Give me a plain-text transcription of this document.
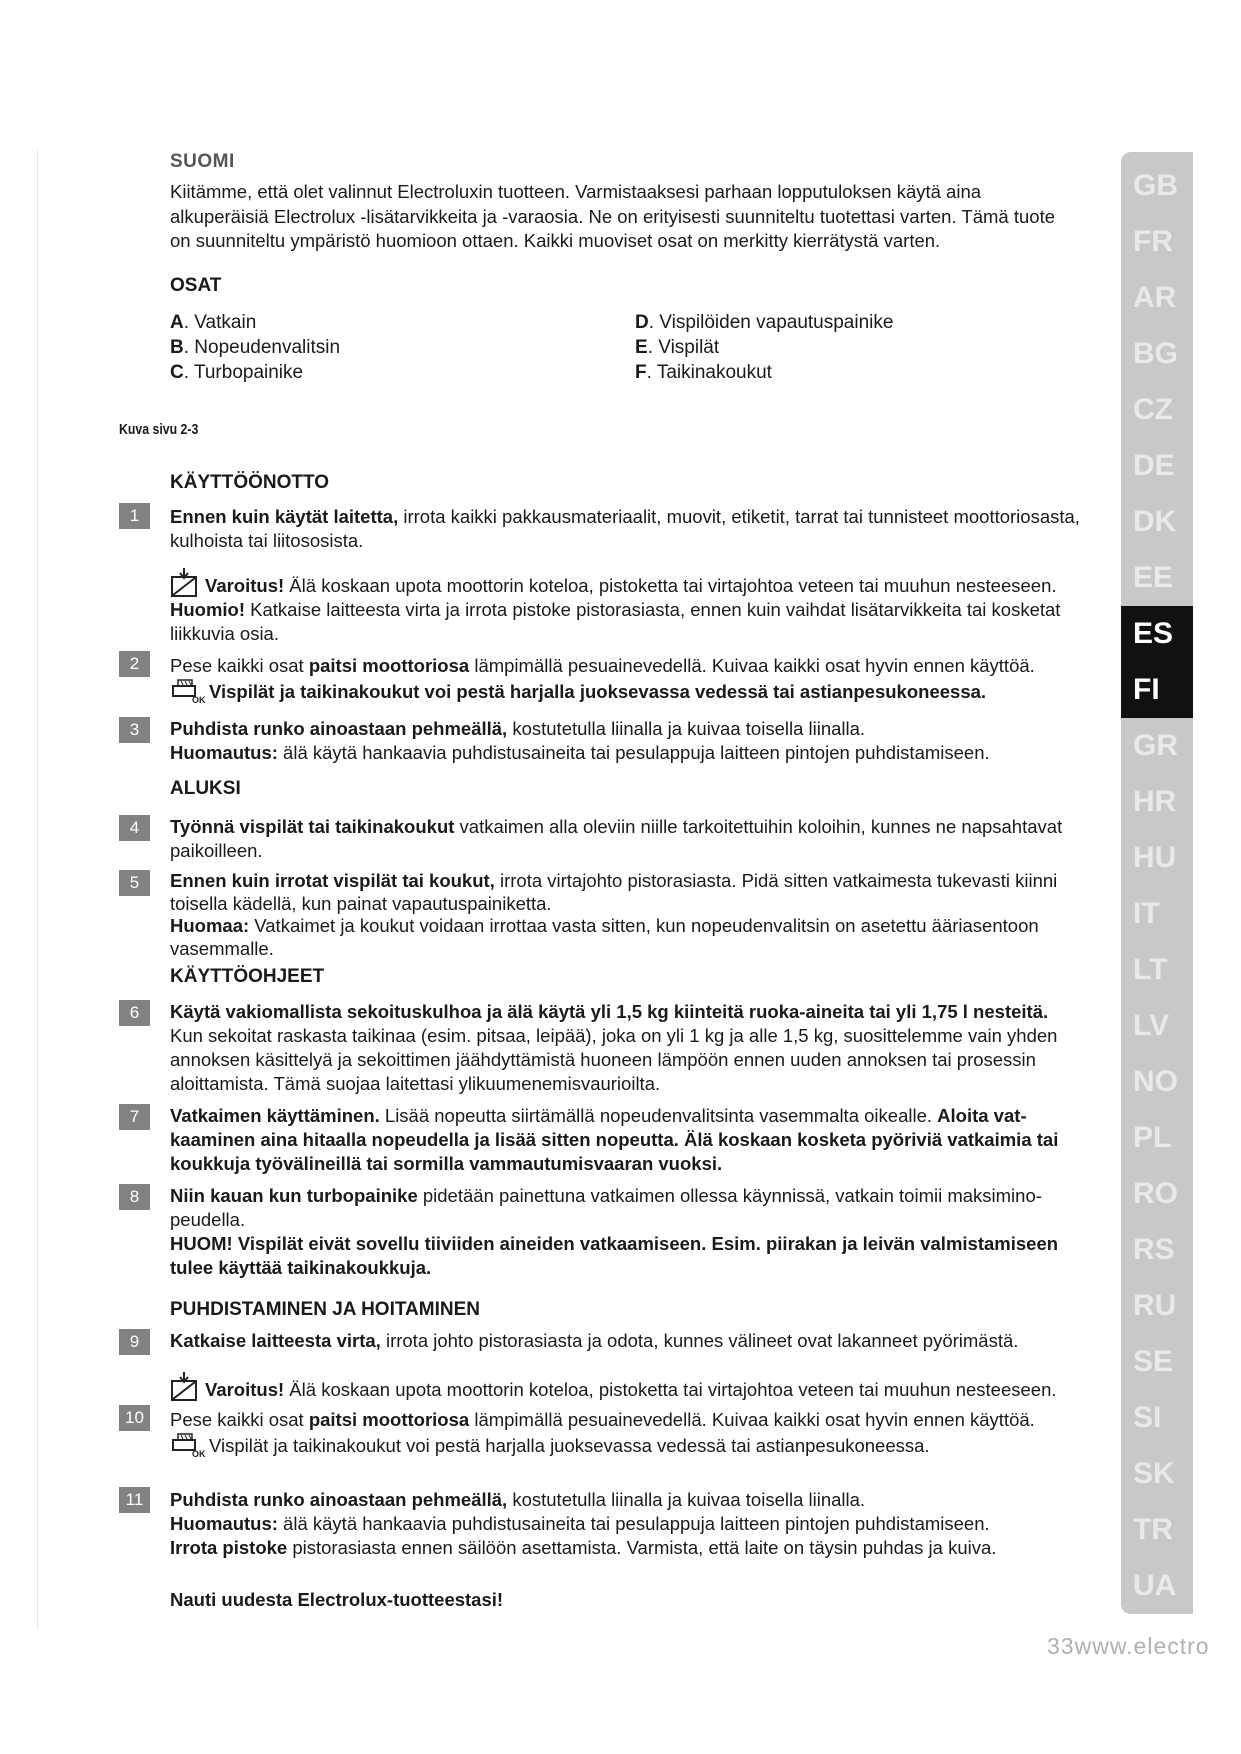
SUOMI
Kiitämme, että olet valinnut Electroluxin tuotteen. Varmistaaksesi parhaan lopputuloksen käytä aina alkuperäisiä Electrolux -lisätarvikkeita ja -varaosia. Ne on erityisesti suunniteltu tuotettasi varten. Tämä tuote on suunniteltu ympäristö huomioon ottaen. Kaikki muoviset osat on merkitty kierrätystä varten.
OSAT
A. Vatkain
B. Nopeudenvalitsin
C. Turbopainike
D. Vispilöiden vapautuspainike
E. Vispilät
F. Taikinakoukut
Kuva sivu 2-3
KÄYTTÖÖNOTTO
1	Ennen kuin käytät laitetta, irrota kaikki pakkausmateriaalit, muovit, etiketit, tarrat tai tunnisteet moottoriosasta, kulhoista tai liitososista.
Varoitus! Älä koskaan upota moottorin koteloa, pistoketta tai virtajohtoa veteen tai muuhun nesteeseen.
Huomio! Katkaise laitteesta virta ja irrota pistoke pistorasiasta, ennen kuin vaihdat lisätarvikkeita tai kosketat liikkuvia osia.
2	Pese kaikki osat paitsi moottoriosa lämpimällä pesuainevedellä. Kuivaa kaikki osat hyvin ennen käyttöä.

OK Vispilät ja taikinakoukut voi pestä harjalla juoksevassa vedessä tai astianpesukoneessa.
3	Puhdista runko ainoastaan pehmeällä, kostutetulla liinalla ja kuivaa toisella liinalla.
Huomautus: älä käytä hankaavia puhdistusaineita tai pesulappuja laitteen pintojen puhdistamiseen.
ALUKSI
4	Työnnä vispilät tai taikinakoukut vatkaimen alla oleviin niille tarkoitettuihin koloihin, kunnes ne napsahtavat paikoilleen.
5	Ennen kuin irrotat vispilät tai koukut, irrota virtajohto pistorasiasta. Pidä sitten vatkaimesta tukevasti kiinni toisella kädellä, kun painat vapautuspainiketta.
Huomaa: Vatkaimet ja koukut voidaan irrottaa vasta sitten, kun nopeudenvalitsin on asetettu ääriasentoon vasemmalle.
KÄYTTÖOHJEET
6	Käytä vakiomallista sekoituskulhoa ja älä käytä yli 1,5 kg kiinteitä ruoka-aineita tai yli 1,75 l nesteitä.
Kun sekoitat raskasta taikinaa (esim. pitsaa, leipää), joka on yli 1 kg ja alle 1,5 kg, suosittelemme vain yhden annoksen käsittelyä ja sekoittimen jäähdyttämistä huoneen lämpöön ennen uuden annoksen tai prosessin aloittamista. Tämä suojaa laitettasi ylikuumenemisvaurioilta.
7	Vatkaimen käyttäminen. Lisää nopeutta siirtämällä nopeudenvalitsinta vasemmalta oikealle. Aloita vatkaaminen aina hitaalla nopeudella ja lisää sitten nopeutta. Älä koskaan kosketa pyöriviä vatkaimia tai koukkuja työvälineillä tai sormilla vammautumisvaaran vuoksi.
8	Niin kauan kun turbopainike pidetään painettuna vatkaimen ollessa käynnissä, vatkain toimii maksiminopeudella.
HUOM! Vispilät eivät sovellu tiiviiden aineiden vatkaamiseen. Esim. piirakan ja leivän valmistamiseen tulee käyttää taikinakoukkuja.
PUHDISTAMINEN JA HOITAMINEN
9	Katkaise laitteesta virta, irrota johto pistorasiasta ja odota, kunnes välineet ovat lakanneet pyörimästä.
Varoitus! Älä koskaan upota moottorin koteloa, pistoketta tai virtajohtoa veteen tai muuhun nesteeseen.
10	Pese kaikki osat paitsi moottoriosa lämpimällä pesuainevedellä. Kuivaa kaikki osat hyvin ennen käyttöä.

OK Vispilät ja taikinakoukut voi pestä harjalla juoksevassa vedessä tai astianpesukoneessa.
11	Puhdista runko ainoastaan pehmeällä, kostutetulla liinalla ja kuivaa toisella liinalla.
Huomautus: älä käytä hankaavia puhdistusaineita tai pesulappuja laitteen pintojen puhdistamiseen.
Irrota pistoke pistorasiasta ennen säilöön asettamista. Varmista, että laite on täysin puhdas ja kuiva.
Nauti uudesta Electrolux-tuotteestasi!
GB
FR
AR
BG
CZ
DE
DK
EE
ES
FI
GR
HR
HU
IT
LT
LV
NO
PL
RO
RS
RU
SE
SI
SK
TR
UA
33www.electro
